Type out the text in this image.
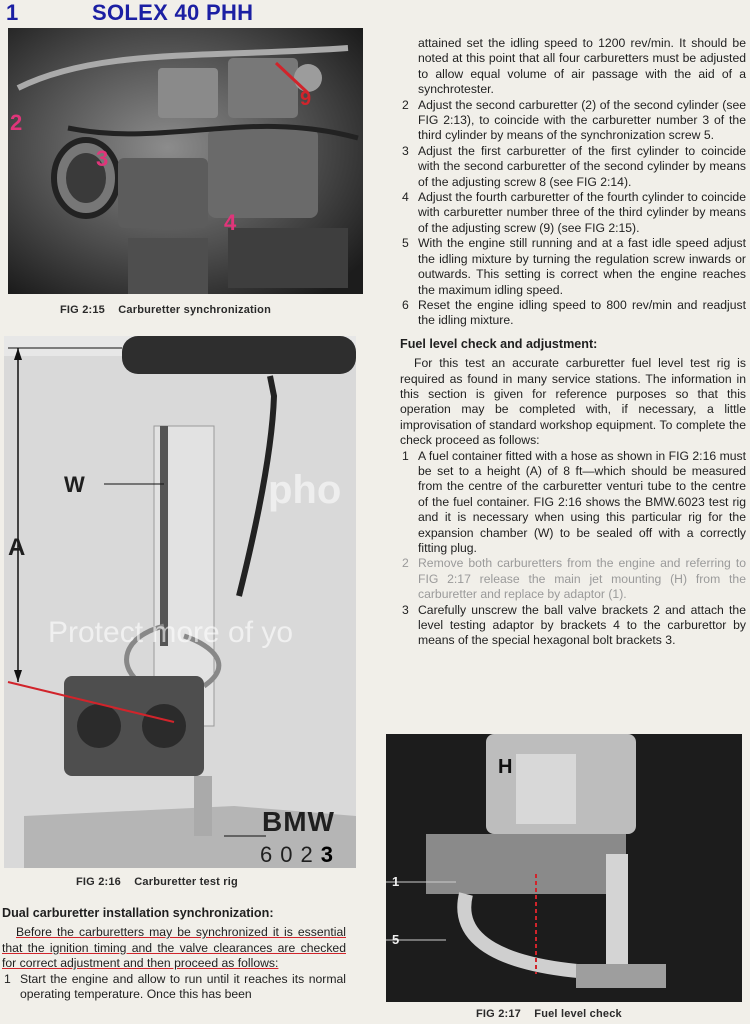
1	SOLEX 40 PHH
2
3
4
9
FIG 2:15 Carburetter synchronization
W
A
BMW
6023
FIG 2:16 Carburetter test rig
pho
Protect more of yo
Dual carburetter installation synchronization:

Before the carburetters may be synchronized it is essential that the ignition timing and the valve clearances are checked for correct adjustment and then proceed as follows:

1 Start the engine and allow to run until it reaches its normal operating temperature. Once this has been

attained set the idling speed to 1200 rev/min. It should be noted at this point that all four carburetters must be adjusted to allow equal volume of air passage with the aid of a synchrotester.

2 Adjust the second carburetter (2) of the second cylinder (see FIG 2:13), to coincide with the carburetter number 3 of the third cylinder by means of the synchronization screw 5.

3 Adjust the first carburetter of the first cylinder to coincide with the second carburetter of the second cylinder by means of the adjusting screw 8 (see FIG 2:14).

4 Adjust the fourth carburetter of the fourth cylinder to coincide with carburetter number three of the third cylinder by means of the adjusting screw (9) (see FIG 2:15).

5 With the engine still running and at a fast idle speed adjust the idling mixture by turning the regulation screw inwards or outwards. This setting is correct when the engine reaches the maximum idling speed.

6 Reset the engine idling speed to 800 rev/min and readjust the idling mixture.

Fuel level check and adjustment:

For this test an accurate carburetter fuel level test rig is required as found in many service stations. The information in this section is given for reference purposes so that this operation may be completed with, if necessary, a little improvisation of standard workshop equipment. To complete the check proceed as follows:

1 A fuel container fitted with a hose as shown in FIG 2:16 must be set to a height (A) of 8 ft—which should be measured from the centre of the carburetter venturi tube to the centre of the fuel container. FIG 2:16 shows the BMW.6023 test rig and it is necessary when using this particular rig for the expansion chamber (W) to be sealed off with a correctly fitting plug.

2 Remove both carburetters from the engine and referring to FIG 2:17 release the main jet mounting (H) from the carburetter and replace by adaptor (1).

3 Carefully unscrew the ball valve brackets 2 and attach the level testing adaptor by brackets 4 to the carburettor by means of the special hexagonal bolt brackets 3.

H
1
5
FIG 2:17 Fuel level check
